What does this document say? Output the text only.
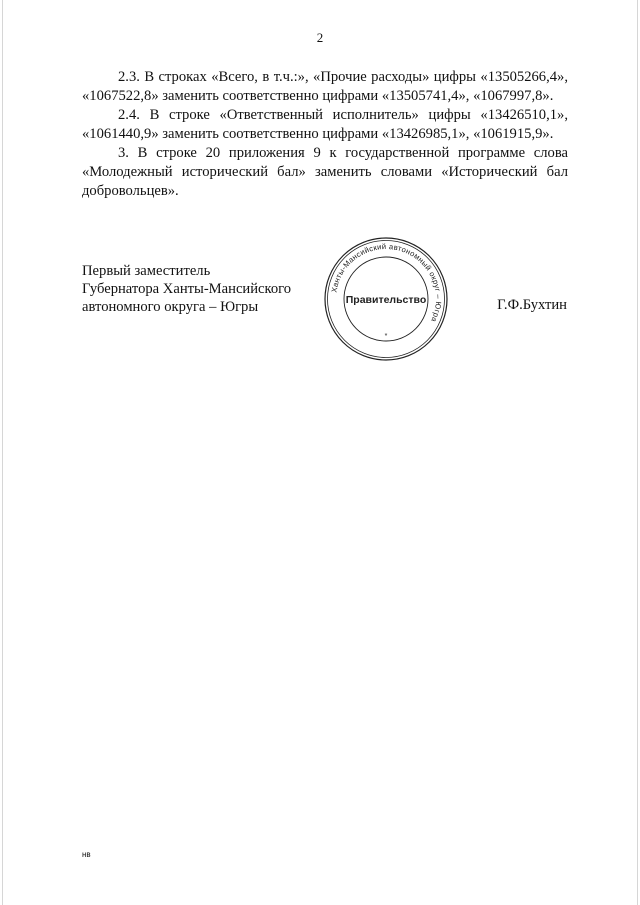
2

2.3. В строках «Всего, в т.ч.:», «Прочие расходы» цифры «13505266,4», «1067522,8» заменить соответственно цифрами «13505741,4», «1067997,8».

2.4. В строке «Ответственный исполнитель» цифры «13426510,1», «1061440,9» заменить соответственно цифрами «13426985,1», «1061915,9».

3. В строке 20 приложения 9 к государственной программе слова «Молодежный исторический бал» заменить словами «Исторический бал добровольцев».

Первый заместитель
Губернатора Ханты-Мансийского
автономного округа – Югры
Ханты-Мансийский автономный округ – Югра
Правительство
*
Г.Ф.Бухтин
нв
